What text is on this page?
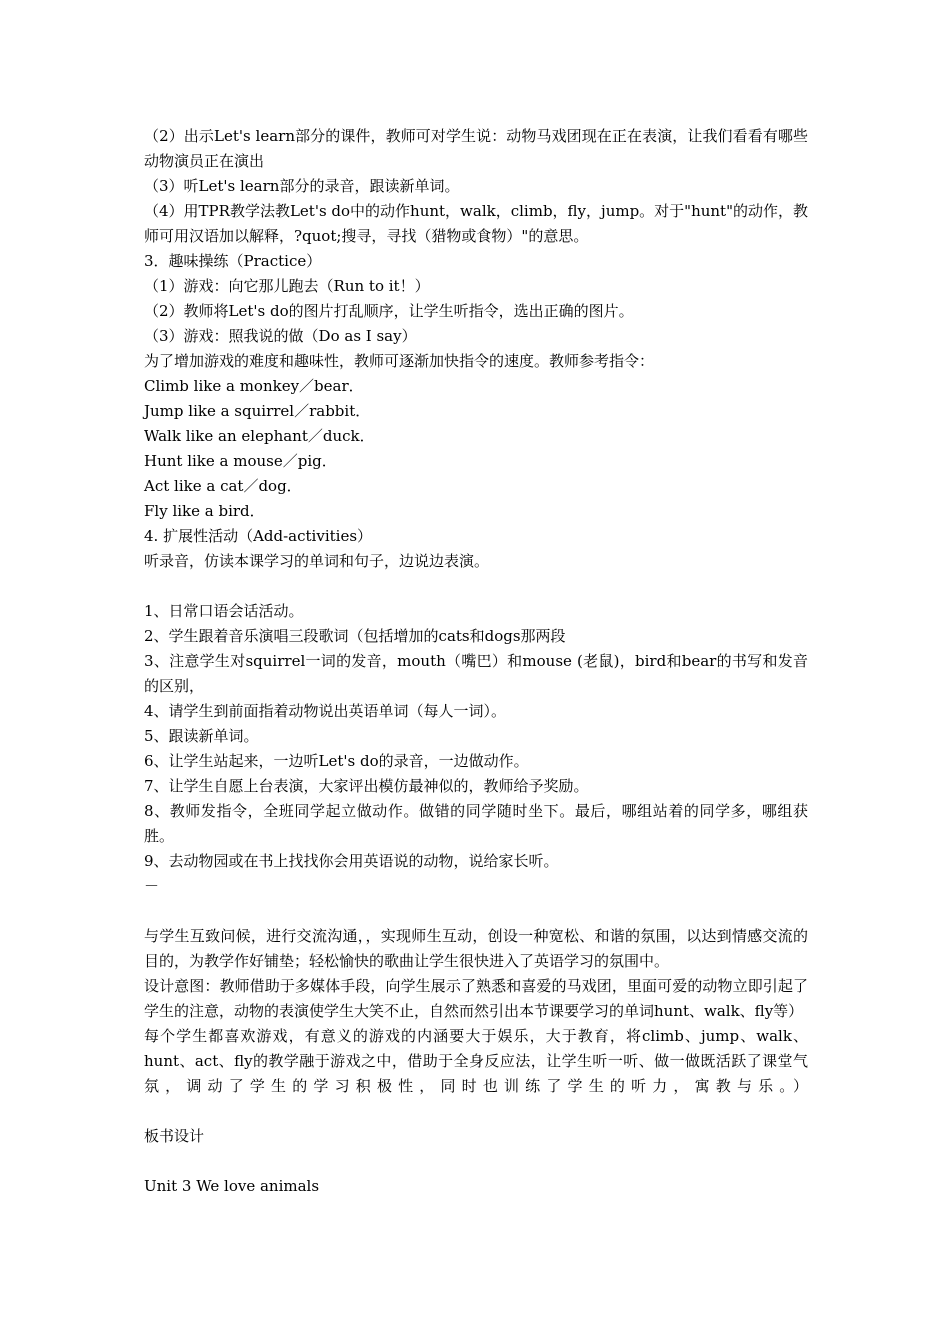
（2）出示Let's learn部分的课件，教师可对学生说：动物马戏团现在正在表演，让我们看看有哪些动物演员正在演出

（3）听Let's learn部分的录音，跟读新单词。

（4）用TPR教学法教Let's do中的动作hunt，walk，climb，fly，jump。对于"hunt"的动作，教师可用汉语加以解释，?quot;搜寻，寻找（猎物或食物）"的意思。

3．趣味操练（Practice）

（1）游戏：向它那儿跑去（Run to it！）

（2）教师将Let's do的图片打乱顺序，让学生听指令，选出正确的图片。

（3）游戏：照我说的做（Do as I say）

为了增加游戏的难度和趣味性，教师可逐渐加快指令的速度。教师参考指令：

Climb like a monkey／bear．

Jump like a squirrel／rabbit．

Walk like an elephant／duck．

Hunt like a mouse／pig．

Act like a cat／dog．

Fly like a bird．

4. 扩展性活动（Add-activities）

听录音，仿读本课学习的单词和句子，边说边表演。

1、日常口语会话活动。

2、学生跟着音乐演唱三段歌词（包括增加的cats和dogs那两段

3、注意学生对squirrel一词的发音，mouth（嘴巴）和mouse (老鼠)，bird和bear的书写和发音的区别，

4、请学生到前面指着动物说出英语单词（每人一词）。

5、跟读新单词。

6、让学生站起来，一边听Let's do的录音，一边做动作。

7、让学生自愿上台表演，大家评出模仿最神似的，教师给予奖励。

8、教师发指令，全班同学起立做动作。做错的同学随时坐下。最后，哪组站着的同学多，哪组获胜。

9、去动物园或在书上找找你会用英语说的动物，说给家长听。

－

与学生互致问候，进行交流沟通，，实现师生互动，创设一种宽松、和谐的氛围，以达到情感交流的目的，为教学作好铺垫；轻松愉快的歌曲让学生很快进入了英语学习的氛围中。

设计意图：教师借助于多媒体手段，向学生展示了熟悉和喜爱的马戏团，里面可爱的动物立即引起了学生的注意，动物的表演使学生大笑不止，自然而然引出本节课要学习的单词hunt、walk、fly等）

每个学生都喜欢游戏，有意义的游戏的内涵要大于娱乐，大于教育，将climb、jump、walk、hunt、act、fly的教学融于游戏之中，借助于全身反应法，让学生听一听、做一做既活跃了课堂气氛，调动了学生的学习积极性，同时也训练了学生的听力，寓教与乐。）

板书设计

Unit 3 We love animals
